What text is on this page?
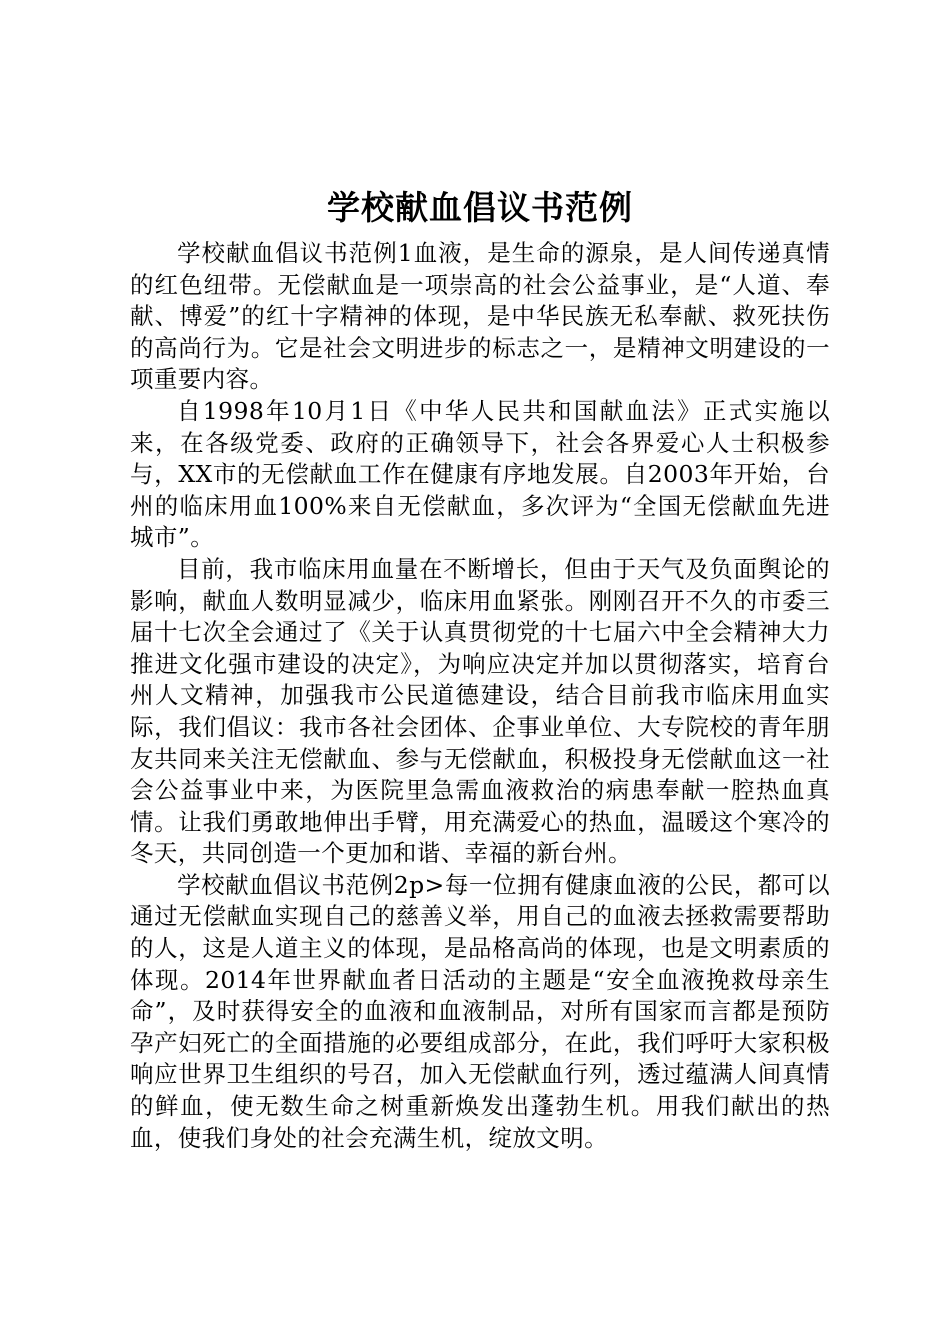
学校献血倡议书范例

学校献血倡议书范例1血液，是生命的源泉，是人间传递真情的红色纽带。无偿献血是一项崇高的社会公益事业，是“人道、奉献、博爱”的红十字精神的体现，是中华民族无私奉献、救死扶伤的高尚行为。它是社会文明进步的标志之一，是精神文明建设的一项重要内容。

自1998年10月1日《中华人民共和国献血法》正式实施以来，在各级党委、政府的正确领导下，社会各界爱心人士积极参与，XX市的无偿献血工作在健康有序地发展。自2003年开始，台州的临床用血100%来自无偿献血，多次评为“全国无偿献血先进城市”。

目前，我市临床用血量在不断增长，但由于天气及负面舆论的影响，献血人数明显减少，临床用血紧张。刚刚召开不久的市委三届十七次全会通过了《关于认真贯彻党的十七届六中全会精神大力推进文化强市建设的决定》，为响应决定并加以贯彻落实，培育台州人文精神，加强我市公民道德建设，结合目前我市临床用血实际，我们倡议：我市各社会团体、企事业单位、大专院校的青年朋友共同来关注无偿献血、参与无偿献血，积极投身无偿献血这一社会公益事业中来，为医院里急需血液救治的病患奉献一腔热血真情。让我们勇敢地伸出手臂，用充满爱心的热血，温暖这个寒冷的冬天，共同创造一个更加和谐、幸福的新台州。

学校献血倡议书范例2p>每一位拥有健康血液的公民，都可以通过无偿献血实现自己的慈善义举，用自己的血液去拯救需要帮助的人，这是人道主义的体现，是品格高尚的体现，也是文明素质的体现。2014年世界献血者日活动的主题是“安全血液挽救母亲生命”，及时获得安全的血液和血液制品，对所有国家而言都是预防孕产妇死亡的全面措施的必要组成部分，在此，我们呼吁大家积极响应世界卫生组织的号召，加入无偿献血行列，透过蕴满人间真情的鲜血，使无数生命之树重新焕发出蓬勃生机。用我们献出的热血，使我们身处的社会充满生机，绽放文明。
